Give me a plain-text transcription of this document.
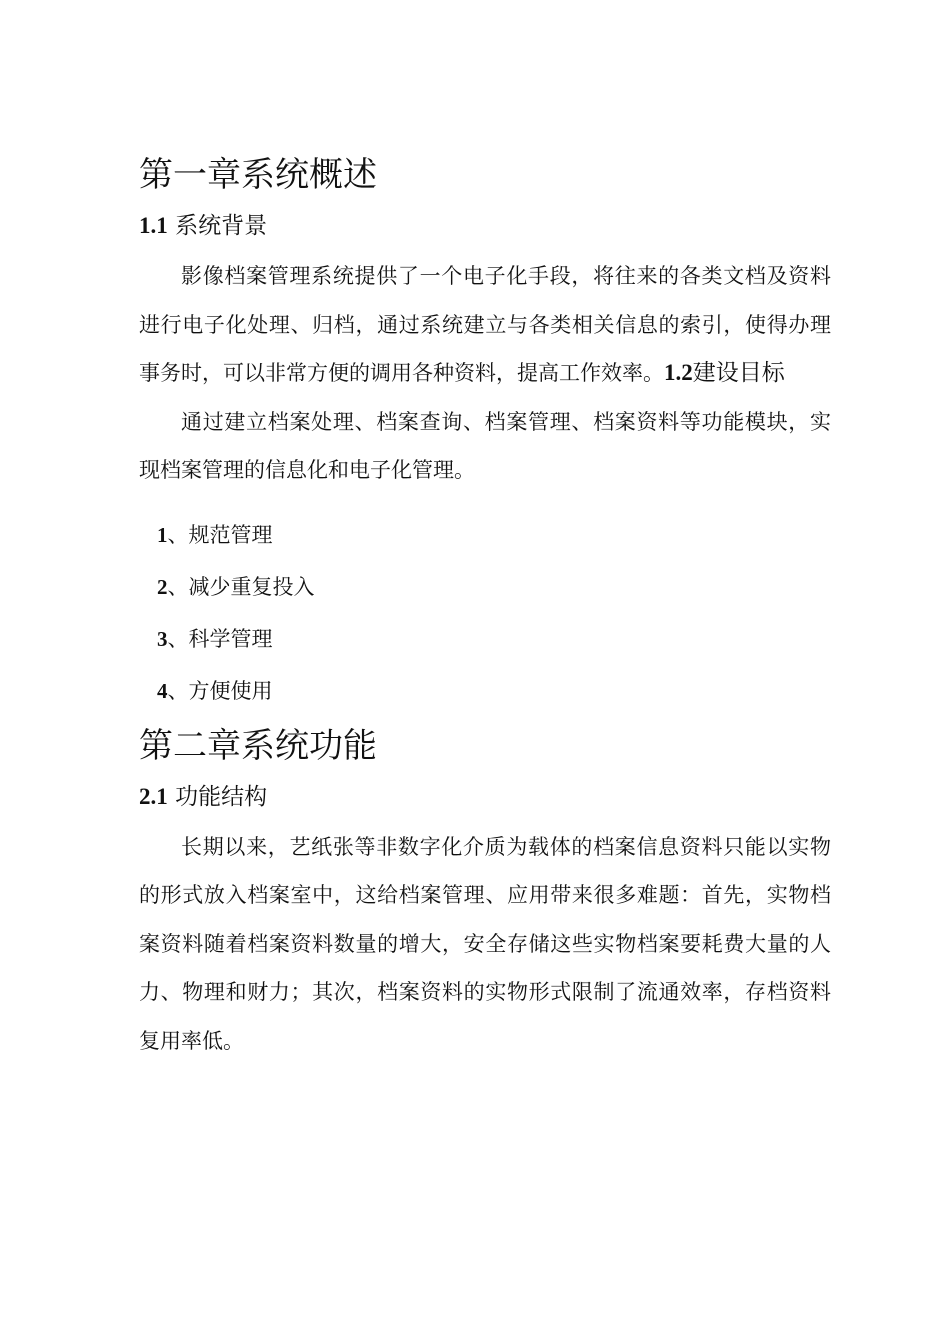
第一章系统概述
1.1 系统背景

影像档案管理系统提供了一个电子化手段，将往来的各类文档及资料进行电子化处理、归档，通过系统建立与各类相关信息的索引，使得办理事务时，可以非常方便的调用各种资料，提高工作效率。1.2建设目标

通过建立档案处理、档案查询、档案管理、档案资料等功能模块，实现档案管理的信息化和电子化管理。

1、规范管理
2、减少重复投入
3、科学管理
4、方便使用
第二章系统功能
2.1 功能结构

长期以来，艺纸张等非数字化介质为载体的档案信息资料只能以实物的形式放入档案室中，这给档案管理、应用带来很多难题：首先，实物档案资料随着档案资料数量的增大，安全存储这些实物档案要耗费大量的人力、物理和财力；其次，档案资料的实物形式限制了流通效率，存档资料复用率低。
